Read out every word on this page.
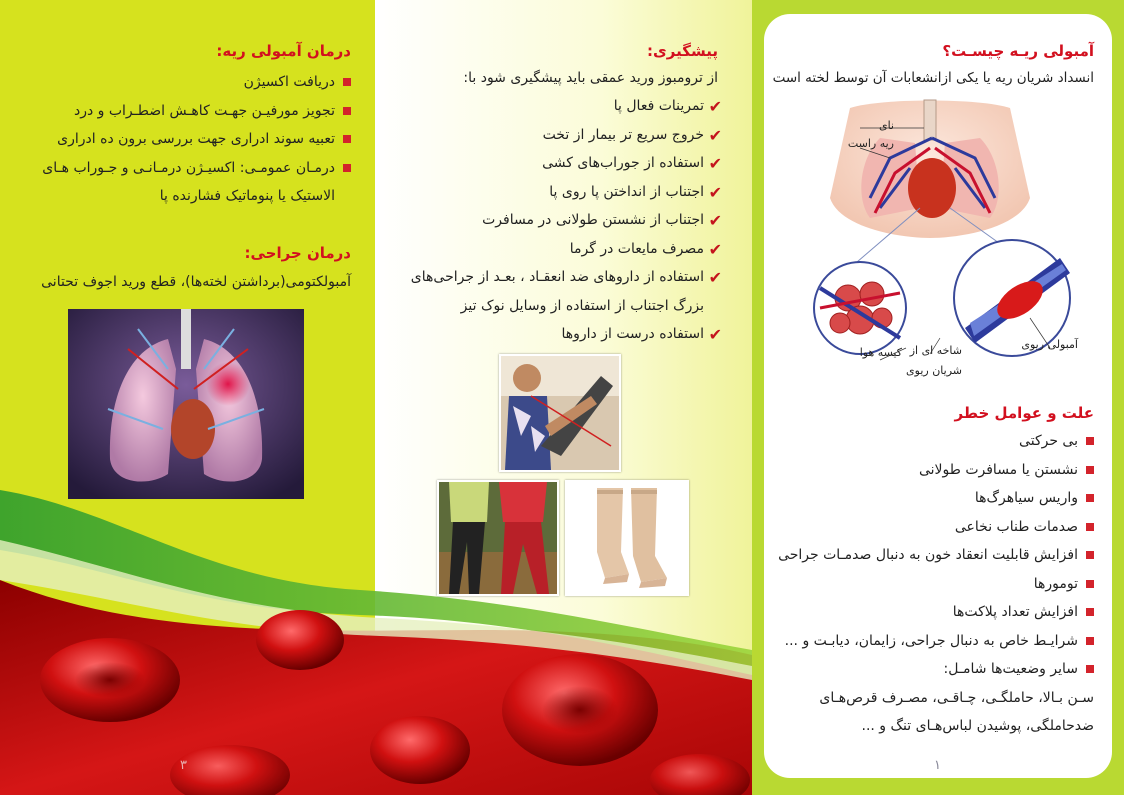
درمان آمبولی ریه:
دریافت اکسیژن
تجویز مورفیـن جهـت کاهـش اضطـراب و درد
تعبیه سوند ادراری جهت بررسی برون ده ادراری
درمـان عمومـی: اکسیـژن درمـانـی و جـوراب هـای
الاستیک یا پنوماتیک فشارنده پا
درمان جراحی:
آمبولکتومی(برداشتن لخته‌ها)، قطع ورید اجوف تحتانی
پیشگیری:
از ترومبوز ورید عمقی باید پیشگیری شود با:
✔
تمرینات فعال پا
✔
خروج سریع تر بیمار از تخت
✔
استفاده از جوراب‌های کشی
✔
اجتناب از انداختن پا روی پا
✔
اجتناب از نشستن طولانی در مسافرت
✔
مصرف مایعات در گرما
✔
استفاده از داروهای ضد انعقـاد ، بعـد از جراحی‌های
بزرگ اجتناب از استفاده از وسایل نوک تیز
✔
استفاده درست از داروها
۳
آمبولی ریـه چیسـت؟
انسداد شریان ریه یا یکی ازانشعابات آن توسط لخته است
نای
ریه راست
کیسه هوا شاخه ای از
شریان ریوی
آمبولی ریوی
علت و عوامل خطر
بی حرکتی
نشستن یا مسافرت طولانی
واریس سیاهرگ‌ها
صدمات طناب نخاعی
افزایش قابلیت انعقاد خون به دنبال صدمـات جراحی
تومورها
افزایش تعداد پلاکت‌ها
شرایـط خاص به دنبال جراحی، زایمان، دیابـت و ...
سایر وضعیت‌ها شامـل:
سـن بـالا، حاملگـی، چـاقـی، مصـرف قرص‌هـای
ضدحاملگی، پوشیدن لباس‌هـای تنگ و ...
۱
